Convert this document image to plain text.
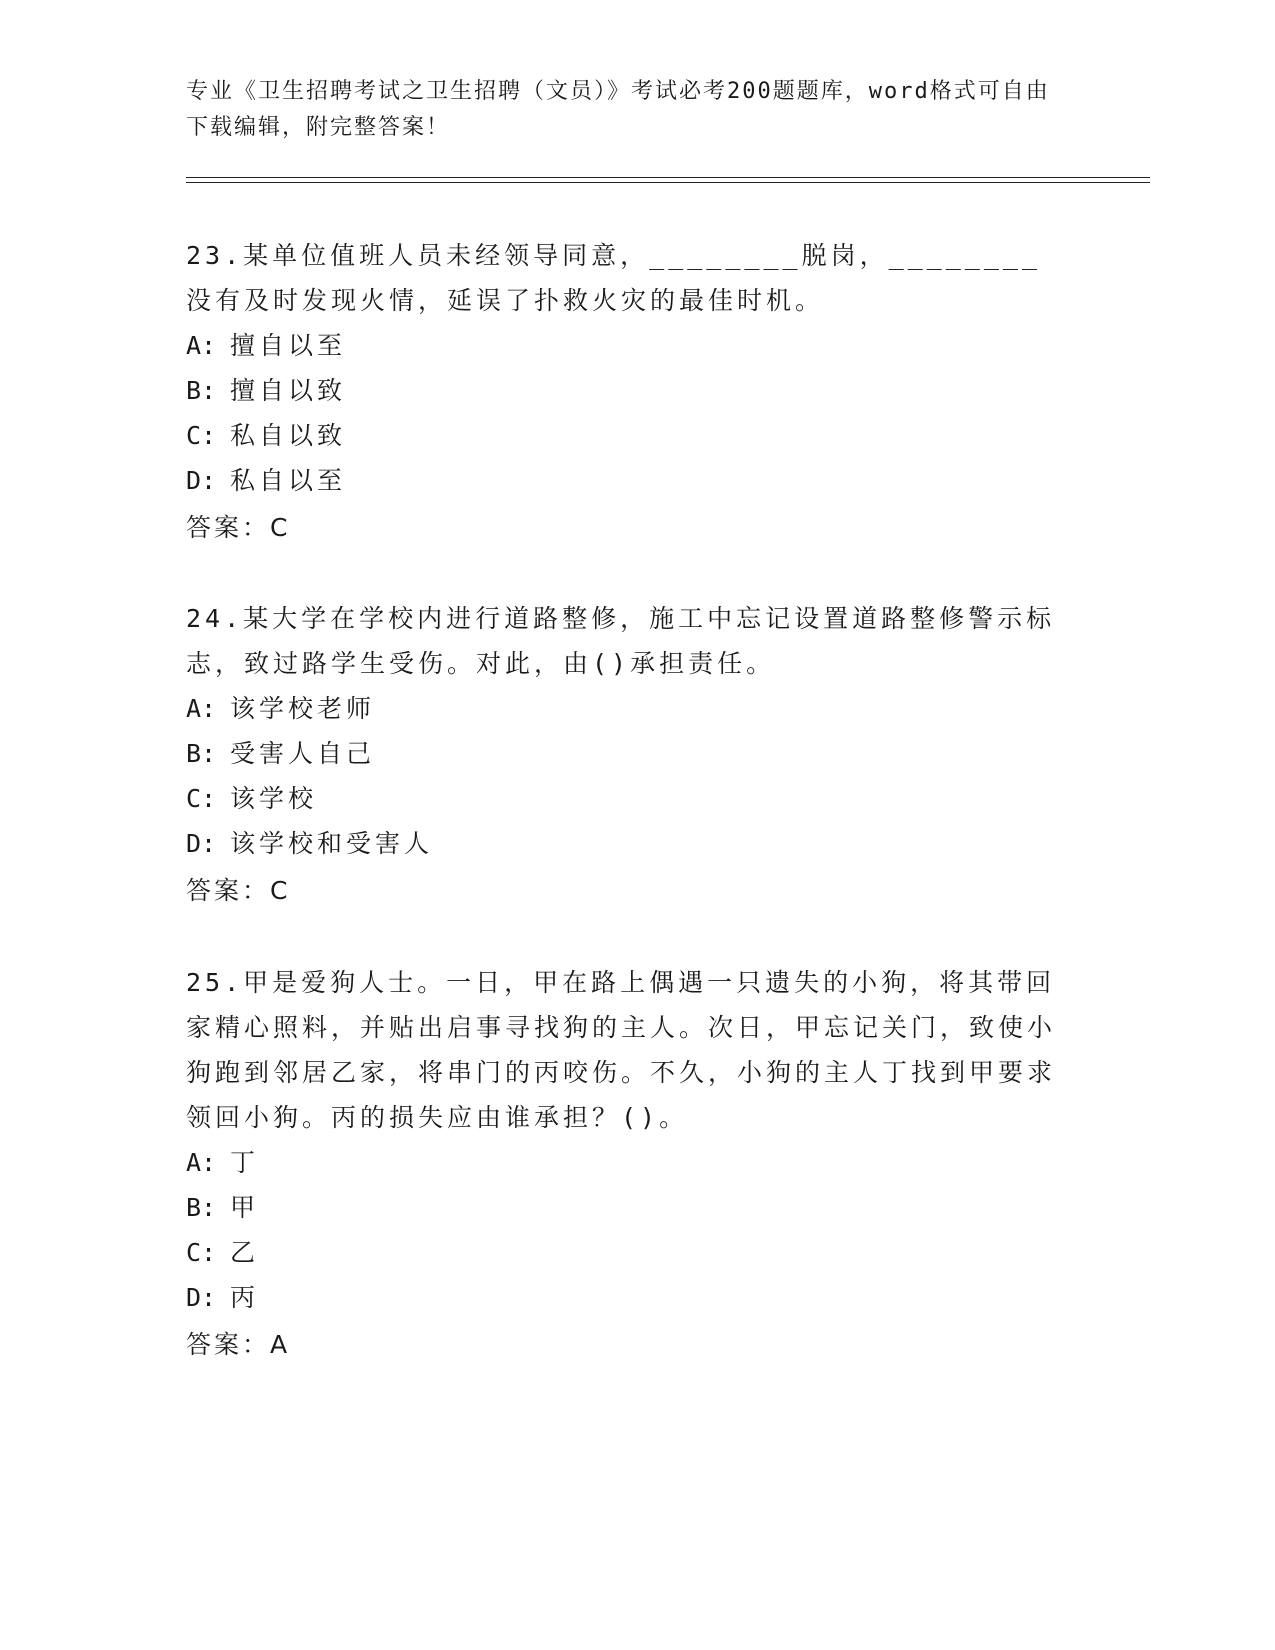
专业《卫生招聘考试之卫生招聘（文员）》考试必考200题题库，word格式可自由下载编辑，附完整答案！
23.某单位值班人员未经领导同意，________脱岗，________没有及时发现火情，延误了扑救火灾的最佳时机。
A: 擅自以至
B: 擅自以致
C: 私自以致
D: 私自以至
答案：C
24.某大学在学校内进行道路整修，施工中忘记设置道路整修警示标志，致过路学生受伤。对此，由()承担责任。
A: 该学校老师
B: 受害人自己
C: 该学校
D: 该学校和受害人
答案：C
25.甲是爱狗人士。一日，甲在路上偶遇一只遗失的小狗，将其带回家精心照料，并贴出启事寻找狗的主人。次日，甲忘记关门，致使小狗跑到邻居乙家，将串门的丙咬伤。不久，小狗的主人丁找到甲要求领回小狗。丙的损失应由谁承担？()。
A: 丁
B: 甲
C: 乙
D: 丙
答案：A
